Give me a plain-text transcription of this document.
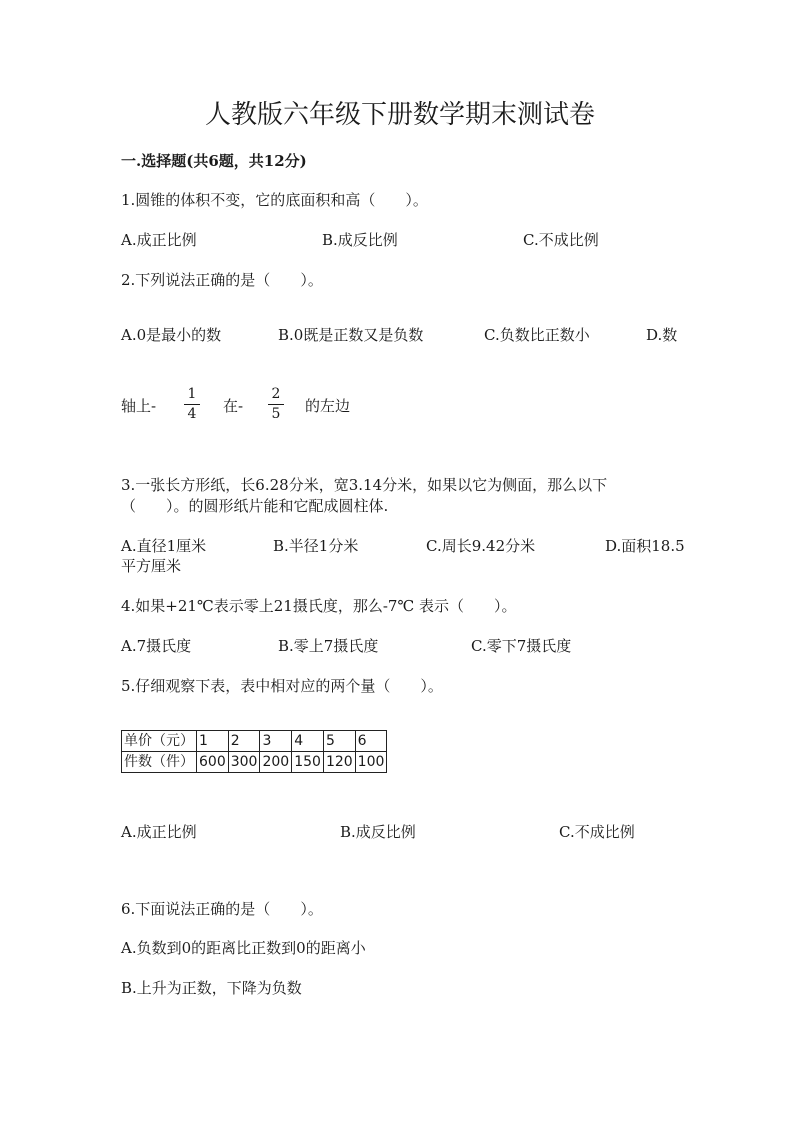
人教版六年级下册数学期末测试卷
一.选择题(共6题，共12分)
1.圆锥的体积不变，它的底面积和高（　　）。
A.成正比例	B.成反比例	C.不成比例
2.下列说法正确的是（　　）。
A.0是最小的数	B.0既是正数又是负数	C.负数比正数小	D.数
轴上-
1
4 在-
2
5 的左边
3.一张长方形纸，长6.28分米，宽3.14分米，如果以它为侧面，那么以下
（　　）。的圆形纸片能和它配成圆柱体.
A.直径1厘米	B.半径1分米	C.周长9.42分米	D.面积18.5
平方厘米
4.如果+21℃表示零上21摄氏度，那么-7℃ 表示（　　）。
A.7摄氏度	B.零上7摄氏度	C.零下7摄氏度
5.仔细观察下表，表中相对应的两个量（　　）。
单价（元）	1	2	3	4	5	6
件数（件）	600	300	200	150	120	100
A.成正比例	B.成反比例	C.不成比例
6.下面说法正确的是（　　）。
A.负数到0的距离比正数到0的距离小
B.上升为正数，下降为负数
